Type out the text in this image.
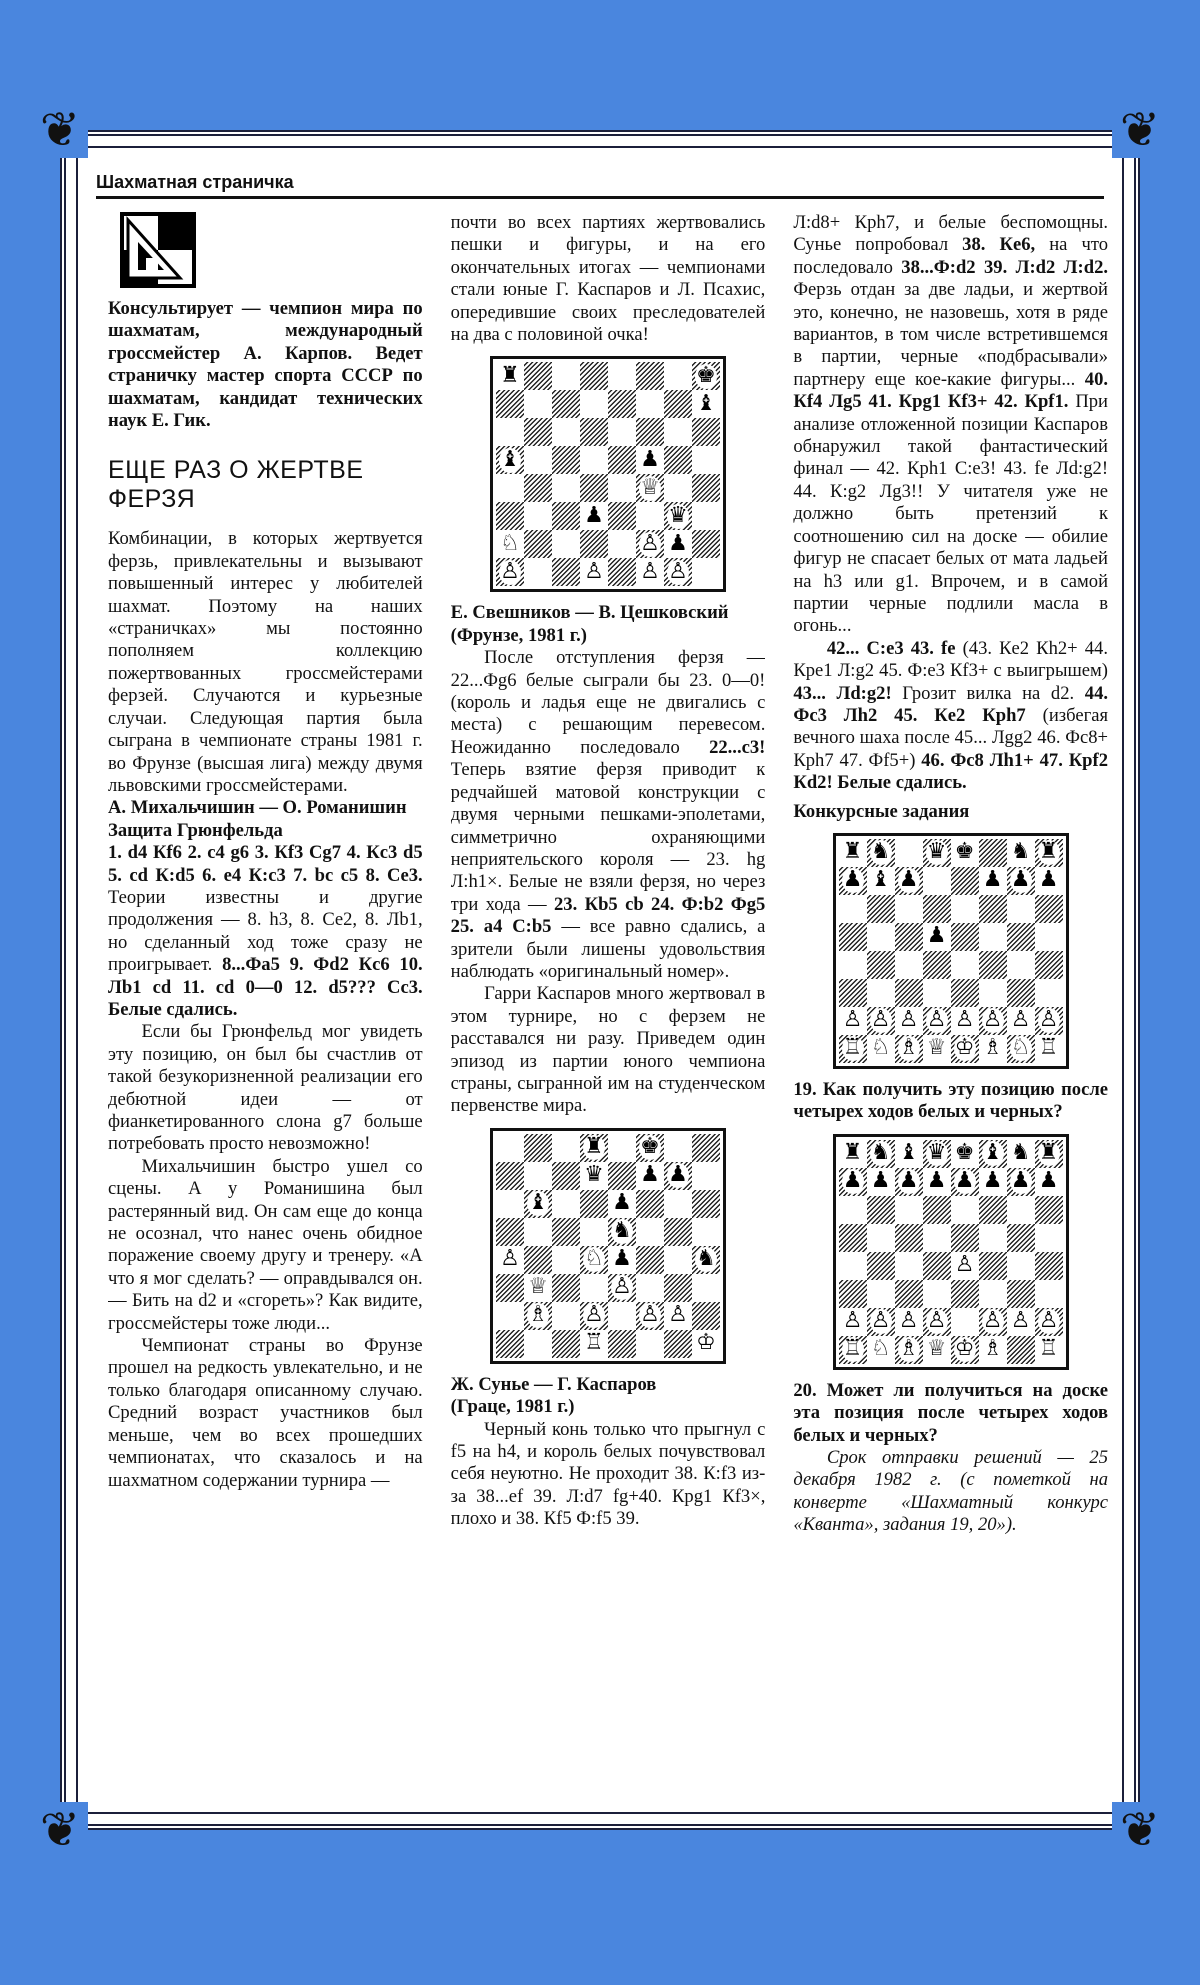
❦	❦
❦	❦
Шахматная страничка

Консультирует — чемпион мира по шахматам, международный гроссмейстер А. Карпов. Ведет страничку мастер спорта СССР по шахматам, кандидат технических наук Е. Гик.

ЕЩЕ РАЗ О ЖЕРТВЕ ФЕРЗЯ

Комбинации, в которых жертвуется ферзь, привлекательны и вызывают повышенный интерес у любителей шахмат. Поэтому на наших «страничках» мы постоянно пополняем коллекцию пожертвованных гроссмейстерами ферзей. Случаются и курьезные случаи. Следующая партия была сыграна в чемпионате страны 1981 г. во Фрунзе (высшая лига) между двумя львовскими гроссмейстерами.

А. Михальчишин — О. Романишин

Защита Грюнфельда

1. d4 Кf6 2. c4 g6 3. Кf3 Cg7 4. Кc3 d5 5. cd К:d5 6. e4 К:c3 7. bc c5 8. Ce3. Теории известны и другие продолжения — 8. h3, 8. Ce2, 8. Лb1, но сделанный ход тоже сразу не проигрывает. 8...Фa5 9. Фd2 Кc6 10. Лb1 cd 11. cd 0—0 12. d5??? Cc3. Белые сдались.

Если бы Грюнфельд мог увидеть эту позицию, он был бы счастлив от такой безукоризненной реализации его дебютной идеи — от фианкетированного слона g7 больше потребовать просто невозможно!

Михальчишин быстро ушел со сцены. А у Романишина был растерянный вид. Он сам еще до конца не осознал, что нанес очень обидное поражение своему другу и тренеру. «А что я мог сделать? — оправдывался он. — Бить на d2 и «сгореть»? Как видите, гроссмейстеры тоже люди...

Чемпионат страны во Фрунзе прошел на редкость увлекательно, и не только благодаря описанному случаю. Средний возраст участников был меньше, чем во всех прошедших чемпионатах, что сказалось и на шахматном содержании турнира —

почти во всех партиях жертвовались пешки и фигуры, и на его окончательных итогах — чемпионами стали юные Г. Каспаров и Л. Псахис, опередившие своих преследователей на два с половиной очка!

♜	♚
♝
♝	♟
♕
♟	♛
♘	♙ ♟
♙	♙ ♙ ♙

Е. Свешников — В. Цешковский

(Фрунзе, 1981 г.)

После отступления ферзя — 22...Фg6 белые сыграли бы 23. 0—0! (король и ладья еще не двигались с места) с решающим перевесом. Неожиданно последовало 22...c3! Теперь взятие ферзя приводит к редчайшей матовой конструкции с двумя черными пешками-эполетами, симметрично охраняющими неприятельского короля — 23. hg Л:h1×. Белые не взяли ферзя, но через три хода — 23. Кb5 cb 24. Ф:b2 Фg5 25. a4 C:b5 — все равно сдались, а зрители были лишены удовольствия наблюдать «оригинальный номер».

Гарри Каспаров много жертвовал в этом турнире, но с ферзем не расставался ни разу. Приведем один эпизод из партии юного чемпиона страны, сыгранной им на студенческом первенстве мира.

♜ ♚
♛ ♟ ♟
♝	♟
♞
♙	♘ ♟	♞
♕	♙
♗ ♙ ♙ ♙
♖	♔

Ж. Сунье — Г. Каспаров

(Граце, 1981 г.)

Черный конь только что прыгнул с f5 на h4, и король белых почувствовал себя неуютно. Не проходит 38. К:f3 из-за 38...ef 39. Л:d7 fg+40. Кpg1 Кf3×, плохо и 38. Кf5 Ф:f5 39.

Л:d8+ Кph7, и белые беспомощны. Сунье попробовал 38. Кe6, на что последовало 38...Ф:d2 39. Л:d2 Л:d2. Ферзь отдан за две ладьи, и жертвой это, конечно, не назовешь, хотя в ряде вариантов, в том числе встретившемся в партии, черные «подбрасывали» партнеру еще кое-какие фигуры... 40. Кf4 Лg5 41. Кpg1 Кf3+ 42. Кpf1. При анализе отложенной позиции Каспаров обнаружил такой фантастический финал — 42. Кph1 C:e3! 43. fe Лd:g2! 44. К:g2 Лg3!! У читателя уже не должно быть претензий к соотношению сил на доске — обилие фигур не спасает белых от мата ладьей на h3 или g1. Впрочем, и в самой партии черные подлили масла в огонь...

42... C:e3 43. fe (43. Кe2 Кh2+ 44. Кpe1 Л:g2 45. Ф:e3 Кf3+ с выигрышем) 43... Лd:g2! Грозит вилка на d2. 44. Фc3 Лh2 45. Кe2 Кph7 (избегая вечного шаха после 45... Лgg2 46. Фc8+ Кph7 47. Фf5+) 46. Фc8 Лh1+ 47. Кpf2 Кd2! Белые сдались.

Конкурсные задания

♜ ♞ ♛ ♚ ♞ ♜
♟ ♝ ♟	♟ ♟ ♟
♟
♙ ♙ ♙ ♙ ♙ ♙ ♙ ♙
♖ ♘ ♗ ♕ ♔ ♗ ♘ ♖

19. Как получить эту позицию после четырех ходов белых и черных?

♜ ♞ ♝ ♛ ♚ ♝ ♞ ♜
♟ ♟ ♟ ♟ ♟ ♟ ♟ ♟
♙
♙ ♙ ♙ ♙ ♙ ♙ ♙
♖ ♘ ♗ ♕ ♔ ♗ ♖

20. Может ли получиться на доске эта позиция после четырех ходов белых и черных?

Срок отправки решений — 25 декабря 1982 г. (с пометкой на конверте «Шахматный конкурс «Кванта», задания 19, 20»).
